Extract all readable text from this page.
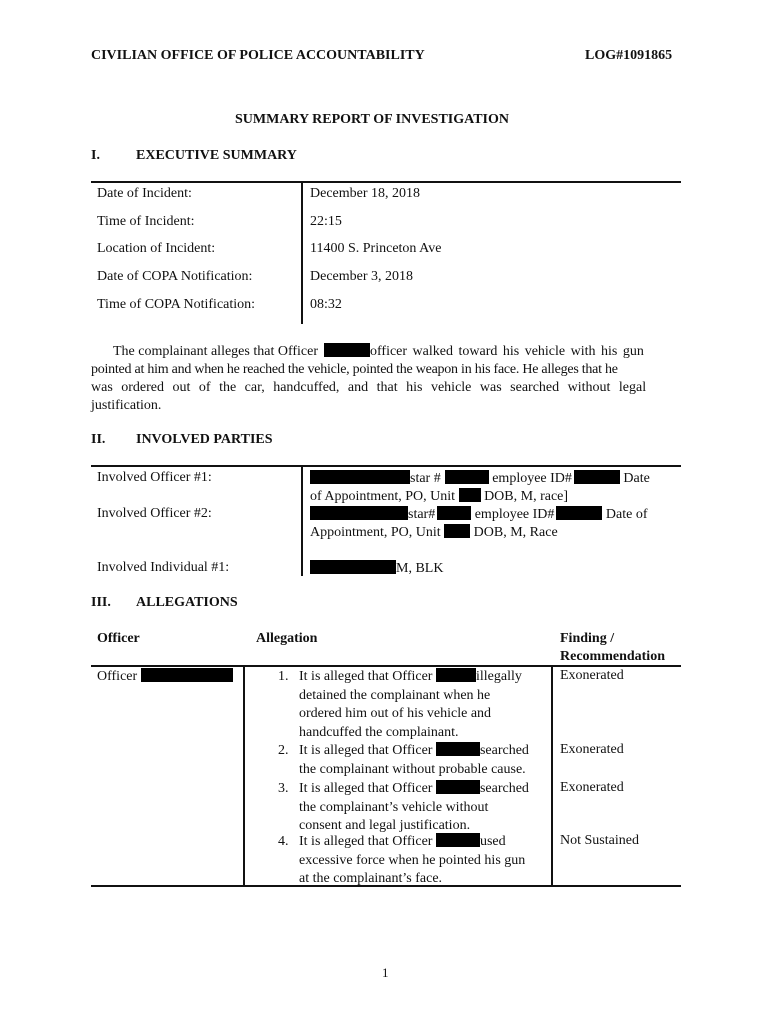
CIVILIAN OFFICE OF POLICE ACCOUNTABILITY	LOG#1091865
SUMMARY REPORT OF INVESTIGATION
I.	EXECUTIVE SUMMARY
Date of Incident:	December 18, 2018
Time of Incident:	22:15
Location of Incident:	11400 S. Princeton Ave
Date of COPA Notification:	December 3, 2018
Time of COPA Notification:	08:32
The complainant alleges that Officer	officer walked toward his vehicle with his gun
pointed at him and when he reached the vehicle, pointed the weapon in his face. He alleges that he
was ordered out of the car, handcuffed, and that his vehicle was searched without legal
justification.
II. INVOLVED PARTIES
Involved Officer #1:	star #	employee ID#	Date
of Appointment, PO, Unit DOB, M, race]
Involved Officer #2:	star#	employee ID#	Date of
Appointment, PO, Unit DOB, M, Race
Involved Individual #1:	M, BLK
III. ALLEGATIONS
Officer	Allegation	Finding /
Recommendation
Officer	1. It is alleged that Officer	illegally
detained the complainant when he
ordered him out of his vehicle and
handcuffed the complainant.
Exonerated
2. It is alleged that Officer	searched
the complainant without probable cause.
Exonerated
3. It is alleged that Officer	searched
the complainant’s vehicle without
consent and legal justification.
Exonerated
4. It is alleged that Officer	used
excessive force when he pointed his gun
at the complainant’s face.
Not Sustained
1
